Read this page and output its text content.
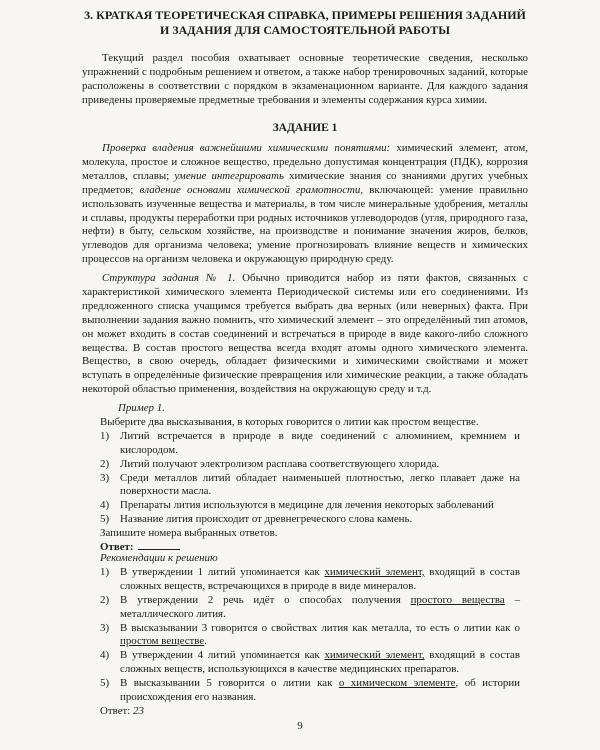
3. КРАТКАЯ ТЕОРЕТИЧЕСКАЯ СПРАВКА, ПРИМЕРЫ РЕШЕНИЯ ЗАДАНИЙ И ЗАДАНИЯ ДЛЯ САМОСТОЯТЕЛЬНОЙ РАБОТЫ
Текущий раздел пособия охватывает основные теоретические сведения, несколько упражнений с подробным решением и ответом, а также набор тренировочных заданий, которые расположены в соответствии с порядком в экзаменационном варианте. Для каждого задания приведены проверяемые предметные требования и элементы содержания курса химии.
ЗАДАНИЕ 1
Проверка владения важнейшими химическими понятиями: химический элемент, атом, молекула, простое и сложное вещество, предельно допустимая концентрация (ПДК), коррозия металлов, сплавы; умение интегрировать химические знания со знаниями других учебных предметов; владение основами химической грамотности, включающей: умение правильно использовать изученные вещества и материалы, в том числе минеральные удобрения, металлы и сплавы, продукты переработки при родных источников углеводородов (угля, природного газа, нефти) в быту, сельском хозяйстве, на производстве и понимание значения жиров, белков, углеводов для организма человека; умение прогнозировать влияние веществ и химических процессов на организм человека и окружающую природную среду.
Структура задания № 1. Обычно приводится набор из пяти фактов, связанных с характеристикой химического элемента Периодической системы или его соединениями. Из предложенного списка учащимся требуется выбрать два верных (или неверных) факта. При выполнении задания важно помнить, что химический элемент – это определённый тип атомов, он может входить в состав соединений и встречаться в природе в виде какого-либо сложного вещества. В состав простого вещества всегда входят атомы одного химического элемента. Вещество, в свою очередь, обладает физическими и химическими свойствами и может вступать в определённые физические превращения или химические реакции, а также обладать некоторой областью применения, воздействия на окружающую среду и т.д.
Пример 1.
Выберите два высказывания, в которых говорится о литии как простом веществе.
1)	Литий встречается в природе в виде соединений с алюминием, кремнием и кислородом.
2)	Литий получают электролизом расплава соответствующего хлорида.
3)	Среди металлов литий обладает наименьшей плотностью, легко плавает даже на поверхности масла.
4)	Препараты лития используются в медицине для лечения некоторых заболеваний
5)	Название лития происходит от древнегреческого слова камень.
Запишите номера выбранных ответов.
Ответ:
Рекомендации к решению
1)	В утверждении 1 литий упоминается как химический элемент, входящий в состав сложных веществ, встречающихся в природе в виде минералов.
2)	В утверждении 2 речь идёт о способах получения простого вещества – металлического лития.
3)	В высказывании 3 говорится о свойствах лития как металла, то есть о литии как о простом веществе.
4)	В утверждении 4 литий упоминается как химический элемент, входящий в состав сложных веществ, использующихся в качестве медицинских препаратов.
5)	В высказывании 5 говорится о литии как о химическом элементе, об истории происхождения его названия.
Ответ: 23
9
